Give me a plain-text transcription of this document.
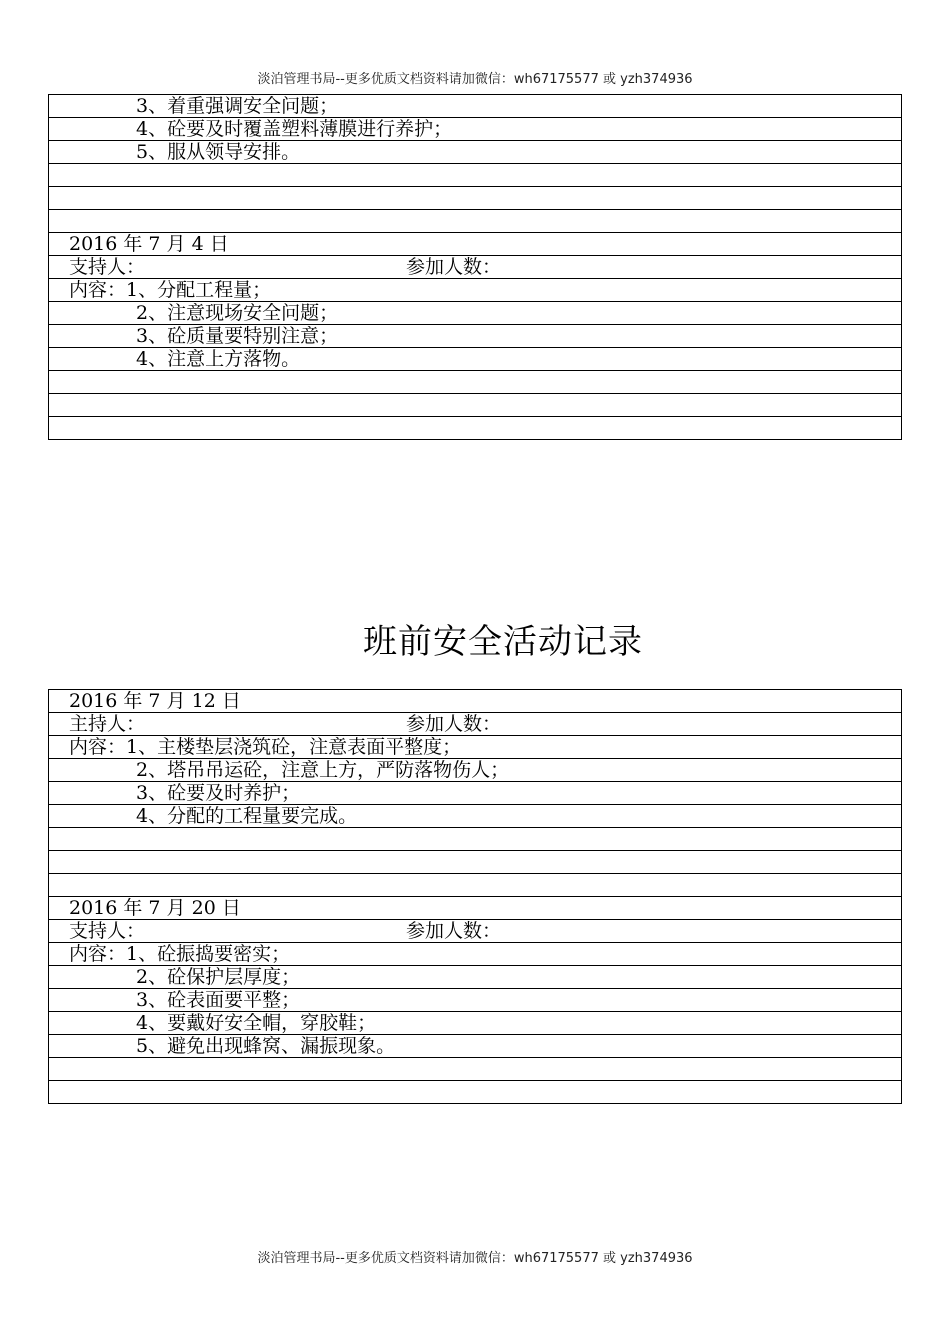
淡泊管理书局--更多优质文档资料请加微信：wh67175577 或 yzh374936
3、着重强调安全问题；
4、砼要及时覆盖塑料薄膜进行养护；
5、服从领导安排。

2016 年 7 月 4 日
支持人：	参加人数：

内容：1、分配工程量；
2、注意现场安全问题；
3、砼质量要特别注意；
4、注意上方落物。

班前安全活动记录
2016 年 7 月 12 日
主持人：	参加人数：

内容：1、主楼垫层浇筑砼，注意表面平整度；
2、塔吊吊运砼，注意上方，严防落物伤人；
3、砼要及时养护；
4、分配的工程量要完成。

2016 年 7 月 20 日
支持人：	参加人数：

内容：1、砼振捣要密实；
2、砼保护层厚度；
3、砼表面要平整；
4、要戴好安全帽，穿胶鞋；
5、避免出现蜂窝、漏振现象。

淡泊管理书局--更多优质文档资料请加微信：wh67175577 或 yzh374936
